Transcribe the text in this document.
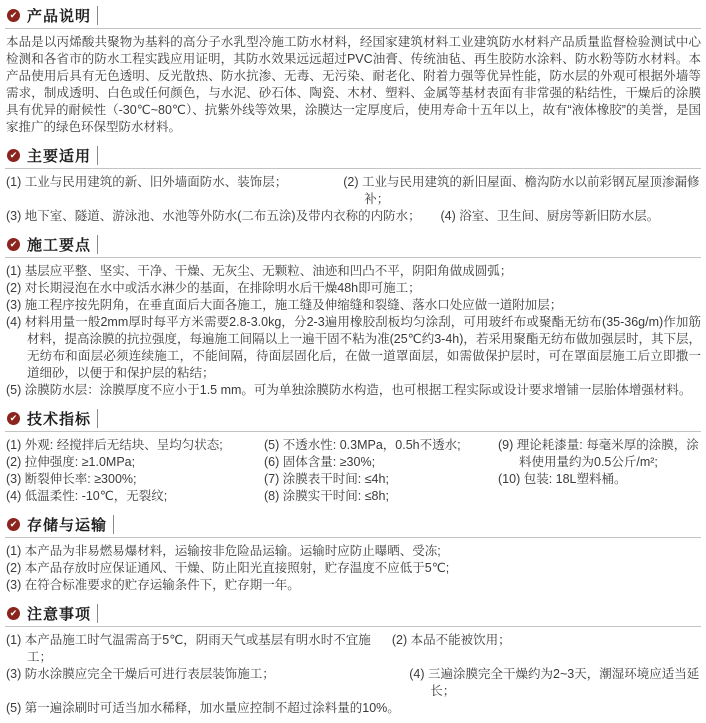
✔ 产品说明

本品是以丙烯酸共聚物为基料的高分子水乳型冷施工防水材料，经国家建筑材料工业建筑防水材料产品质量监督检验测试中心检测和各省市的防水工程实践应用证明，其防水效果远远超过PVC油膏、传统油毡、再生胶防水涂料、防水粉等防水材料。本产品使用后具有无色透明、反光散热、防水抗渗、无毒、无污染、耐老化、附着力强等优异性能，防水层的外观可根据外墙等需求，制成透明、白色或任何颜色，与水泥、砂石体、陶瓷、木材、塑料、金属等基材表面有非常强的粘结性，干燥后的涂膜具有优异的耐候性（-30℃~80℃）、抗紫外线等效果，涂膜达一定厚度后，使用寿命十五年以上，故有“液体橡胶”的美誉，是国家推广的绿色环保型防水材料。

✔ 主要适用
(1) 工业与民用建筑的新、旧外墙面防水、装饰层；	(2) 工业与民用建筑的新旧屋面、檐沟防水以前彩钢瓦屋顶渗漏修补；
(3) 地下室、隧道、游泳池、水池等外防水(二布五涂)及带内衣称的内防水；	(4) 浴室、卫生间、厨房等新旧防水层。
✔ 施工要点
(1) 基层应平整、坚实、干净、干燥、无灰尘、无颗粒、油迹和凹凸不平，阴阳角做成圆弧；
(2) 对长期浸泡在水中或活水淋少的基面，在排除明水后干燥48h即可施工；
(3) 施工程序按先阴角，在垂直面后大面各施工，施工缝及伸缩缝和裂缝、落水口处应做一道附加层；
(4) 材料用量一般2mm厚时每平方米需要2.8-3.0kg，分2-3遍用橡胶刮板均匀涂刮，可用玻纤布或聚酯无纺布(35-36g/m)作加筋材料，提高涂膜的抗拉强度，每遍施工间隔以上一遍干固不粘为准(25℃约3-4h)，若采用聚酯无纺布做加强层时，其下层，无纺布和面层必须连续施工，不能间隔，待面层固化后，在做一道罩面层，如需做保护层时，可在罩面层施工后立即撒一道细砂，以便于和保护层的粘结；
(5) 涂膜防水层：涂膜厚度不应小于1.5 mm。可为单独涂膜防水构造，也可根据工程实际或设计要求增铺一层胎体增强材料。
✔ 技术指标
(1) 外观: 经搅拌后无结块、呈均匀状态;
(2) 拉伸强度: ≥1.0MPa;
(3) 断裂伸长率: ≥300%;
(4) 低温柔性: -10℃，无裂纹;
(5) 不透水性: 0.3MPa，0.5h不透水;
(6) 固体含量: ≥30%;
(7) 涂膜表干时间: ≤4h;
(8) 涂膜实干时间: ≤8h;
(9) 理论耗漆量: 每毫米厚的涂膜，涂料使用量约为0.5公斤/m²;
(10) 包装: 18L塑料桶。
✔ 存储与运输
(1) 本产品为非易燃易爆材料，运输按非危险品运输。运输时应防止曝晒、受冻;
(2) 本产品存放时应保证通风、干燥、防止阳光直接照射，贮存温度不应低于5℃;
(3) 在符合标准要求的贮存运输条件下，贮存期一年。
✔ 注意事项
(1) 本产品施工时气温需高于5℃，阴雨天气或基层有明水时不宜施工；
(2) 本品不能被饮用；
(3) 防水涂膜应完全干燥后可进行表层装饰施工；	(4) 三遍涂膜完全干燥约为2~3天，潮湿环境应适当延长；
(5) 第一遍涂刷时可适当加水稀释，加水量应控制不超过涂料量的10%。
